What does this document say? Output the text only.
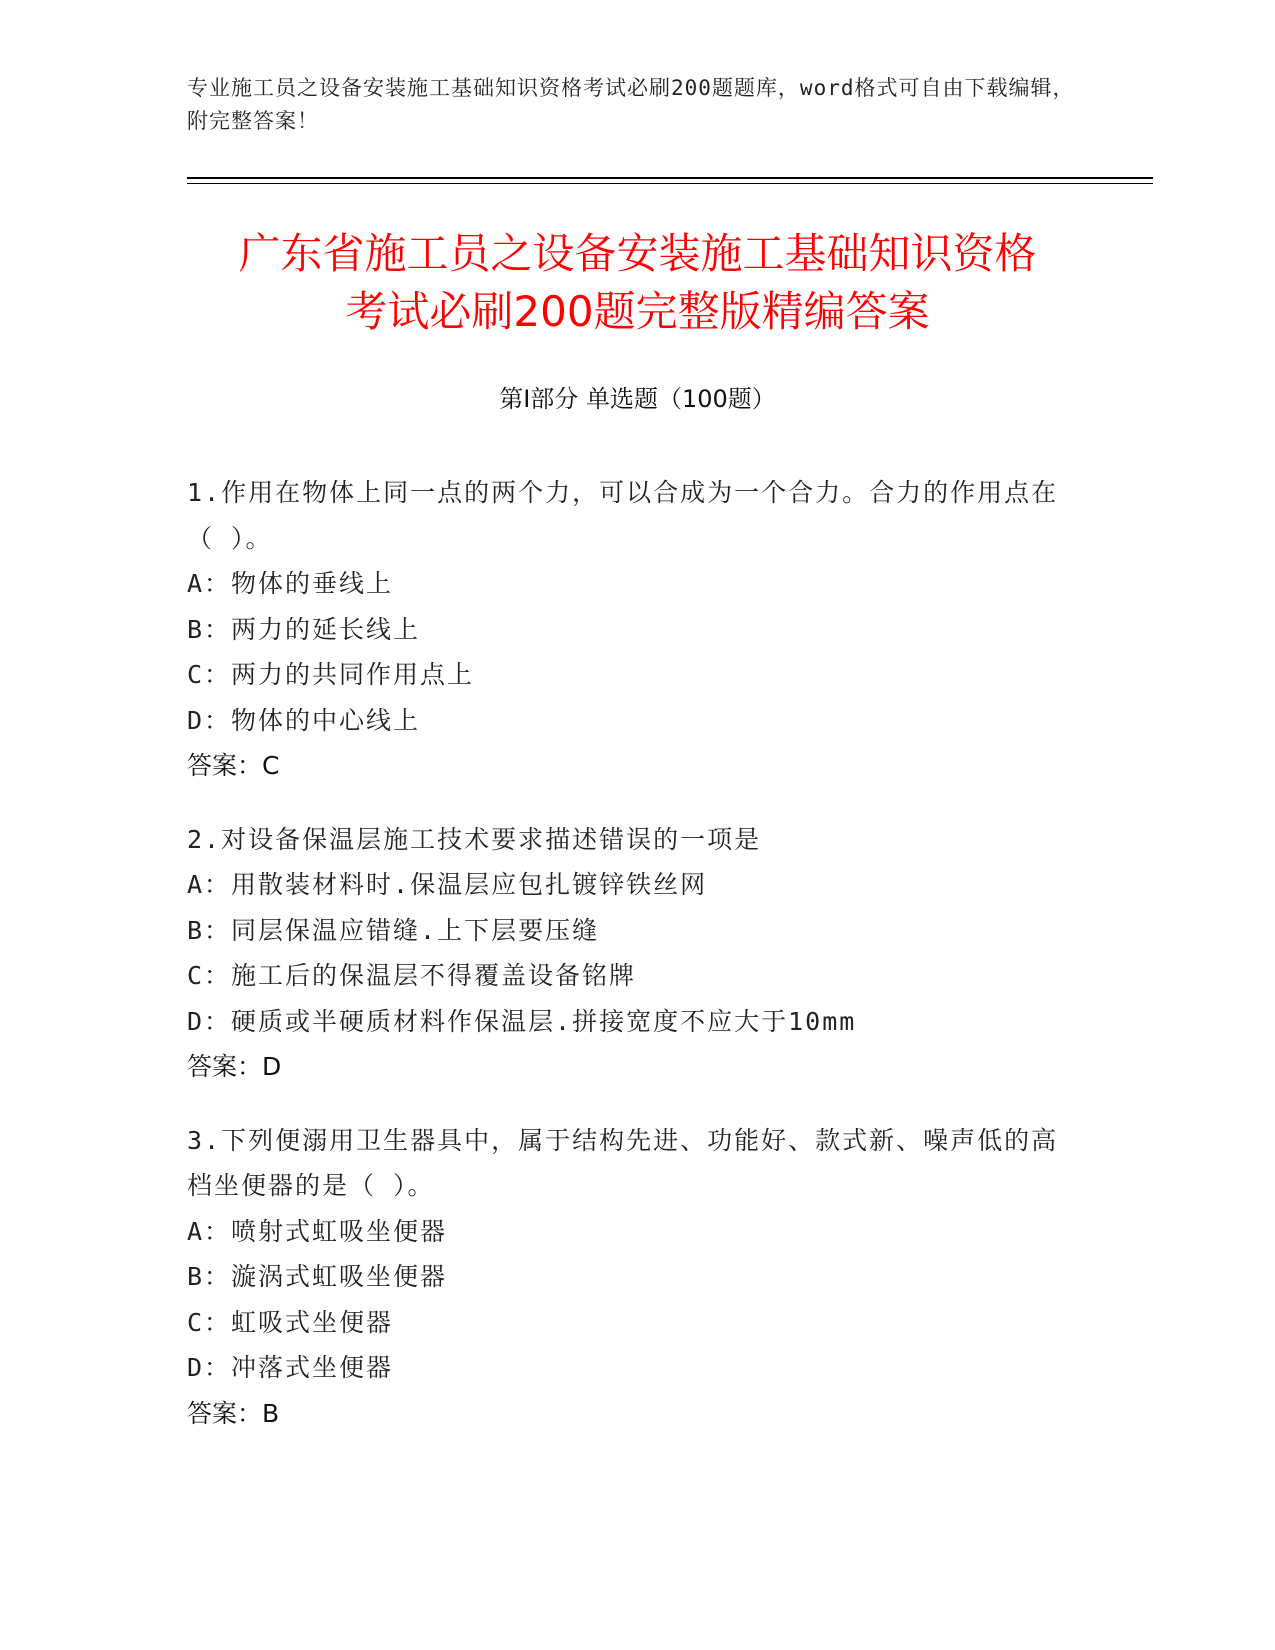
专业施工员之设备安装施工基础知识资格考试必刷200题题库，word格式可自由下载编辑，附完整答案！
广东省施工员之设备安装施工基础知识资格
考试必刷200题完整版精编答案
第Ⅰ部分 单选题（100题）
1.作用在物体上同一点的两个力，可以合成为一个合力。合力的作用点在（ ）。
A：物体的垂线上
B：两力的延长线上
C：两力的共同作用点上
D：物体的中心线上
答案：C
2.对设备保温层施工技术要求描述错误的一项是
A：用散装材料时.保温层应包扎镀锌铁丝网
B：同层保温应错缝.上下层要压缝
C：施工后的保温层不得覆盖设备铭牌
D：硬质或半硬质材料作保温层.拼接宽度不应大于10mm
答案：D
3.下列便溺用卫生器具中，属于结构先进、功能好、款式新、噪声低的高档坐便器的是（ ）。
A：喷射式虹吸坐便器
B：漩涡式虹吸坐便器
C：虹吸式坐便器
D：冲落式坐便器
答案：B
